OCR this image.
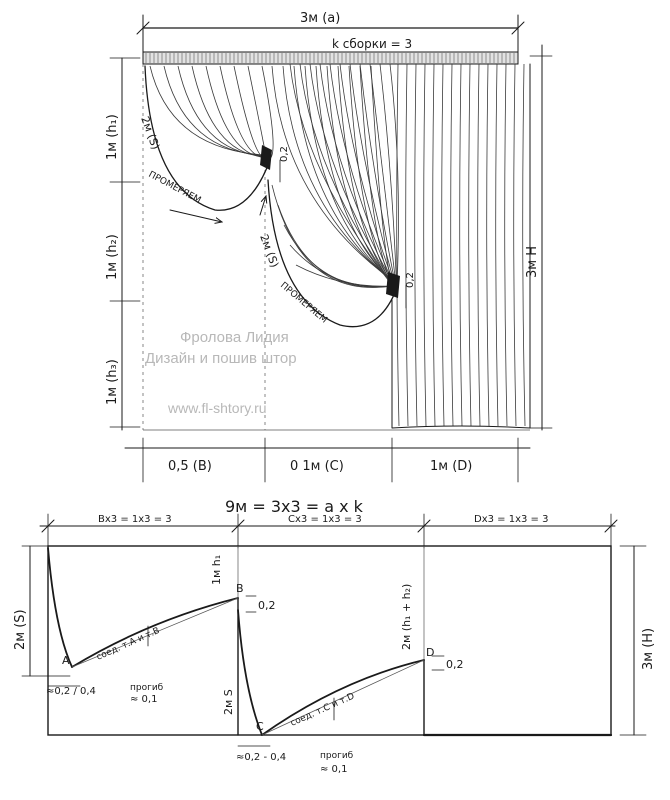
3м (a)
k сборки = 3
1м (h₁)
1м (h₂)
1м (h₃)
3м H
2м (S)
ПРОМЕРЯЕМ
0,2
2м (S)
ПРОМЕРЯЕМ
0,2
0,5 (B)	0 1м (C)	1м (D)
Фролова Лидия
Дизайн и пошив штор
www.fl-shtory.ru
9м = 3x3 = a x k
Bx3 = 1x3 = 3	Cx3 = 1x3 = 3	Dx3 = 1x3 = 3
2м (S)	3м (H)
A
B
0,2
1м h₁
соед. т.А и т.В
прогиб
≈ 0,1
≈0,2 / 0,4
C
D
0,2
2м S
2м (h₁ + h₂)
соед. т.С и т.D
прогиб
≈ 0,1
≈0,2 - 0,4
